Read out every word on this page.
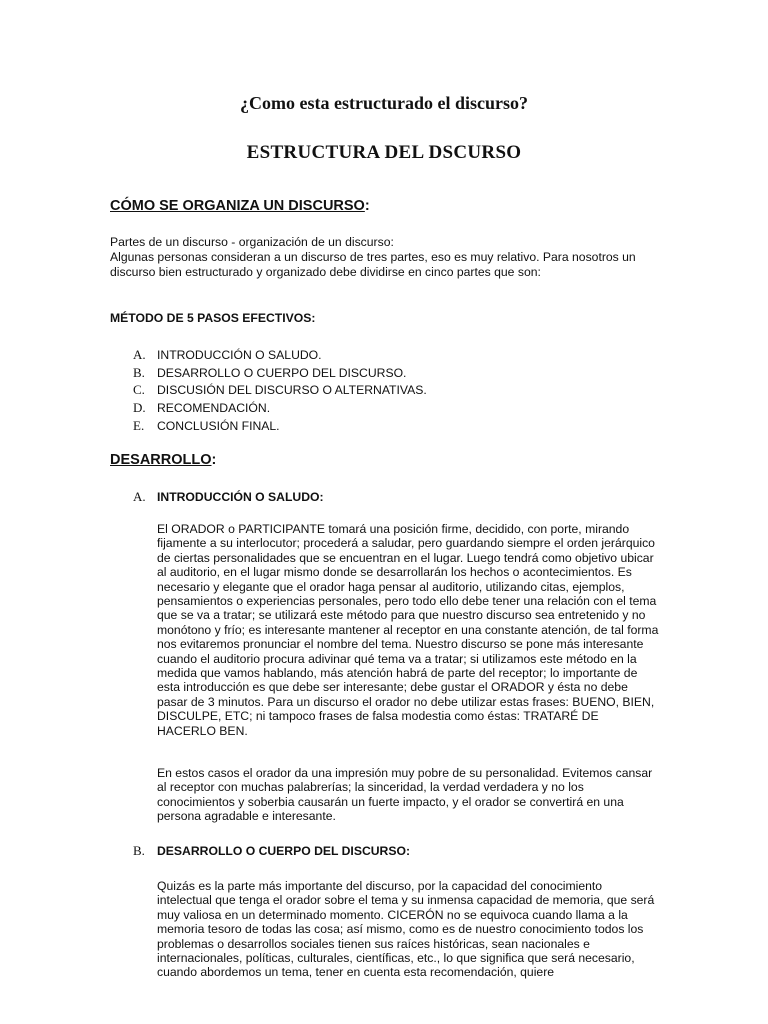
¿Como esta estructurado el discurso?
ESTRUCTURA DEL DSCURSO
CÓMO SE ORGANIZA UN DISCURSO:

Partes de un discurso - organización de un discurso:
Algunas personas consideran a un discurso de tres partes, eso es muy relativo. Para nosotros un discurso bien estructurado y organizado debe dividirse en cinco partes que son:

MÉTODO DE 5 PASOS EFECTIVOS:
A. INTRODUCCIÓN O SALUDO.
B. DESARROLLO O CUERPO DEL DISCURSO.
C. DISCUSIÓN DEL DISCURSO O ALTERNATIVAS.
D. RECOMENDACIÓN.
E. CONCLUSIÓN FINAL.
DESARROLLO:
A. INTRODUCCIÓN O SALUDO:

El ORADOR o PARTICIPANTE tomará una posición firme, decidido, con porte, mirando fijamente a su interlocutor; procederá a saludar, pero guardando siempre el orden jerárquico de ciertas personalidades que se encuentran en el lugar. Luego tendrá como objetivo ubicar al auditorio, en el lugar mismo donde se desarrollarán los hechos o acontecimientos. Es necesario y elegante que el orador haga pensar al auditorio, utilizando citas, ejemplos, pensamientos o experiencias personales, pero todo ello debe tener una relación con el tema que se va a tratar; se utilizará este método para que nuestro discurso sea entretenido y no monótono y frío; es interesante mantener al receptor en una constante atención, de tal forma nos evitaremos pronunciar el nombre del tema. Nuestro discurso se pone más interesante cuando el auditorio procura adivinar qué tema va a tratar; si utilizamos este método en la medida que vamos hablando, más atención habrá de parte del receptor; lo importante de esta introducción es que debe ser interesante; debe gustar el ORADOR y ésta no debe pasar de 3 minutos. Para un discurso el orador no debe utilizar estas frases: BUENO, BIEN, DISCULPE, ETC; ni tampoco frases de falsa modestia como éstas: TRATARÉ DE HACERLO BEN.

En estos casos el orador da una impresión muy pobre de su personalidad. Evitemos cansar al receptor con muchas palabrerías; la sinceridad, la verdad verdadera y no los conocimientos y soberbia causarán un fuerte impacto, y el orador se convertirá en una persona agradable e interesante.

B. DESARROLLO O CUERPO DEL DISCURSO:

Quizás es la parte más importante del discurso, por la capacidad del conocimiento intelectual que tenga el orador sobre el tema y su inmensa capacidad de memoria, que será muy valiosa en un determinado momento. CICERÓN no se equivoca cuando llama a la memoria tesoro de todas las cosa; así mismo, como es de nuestro conocimiento todos los problemas o desarrollos sociales tienen sus raíces históricas, sean nacionales e internacionales, políticas, culturales, científicas, etc., lo que significa que será necesario, cuando abordemos un tema, tener en cuenta esta recomendación, quiere
